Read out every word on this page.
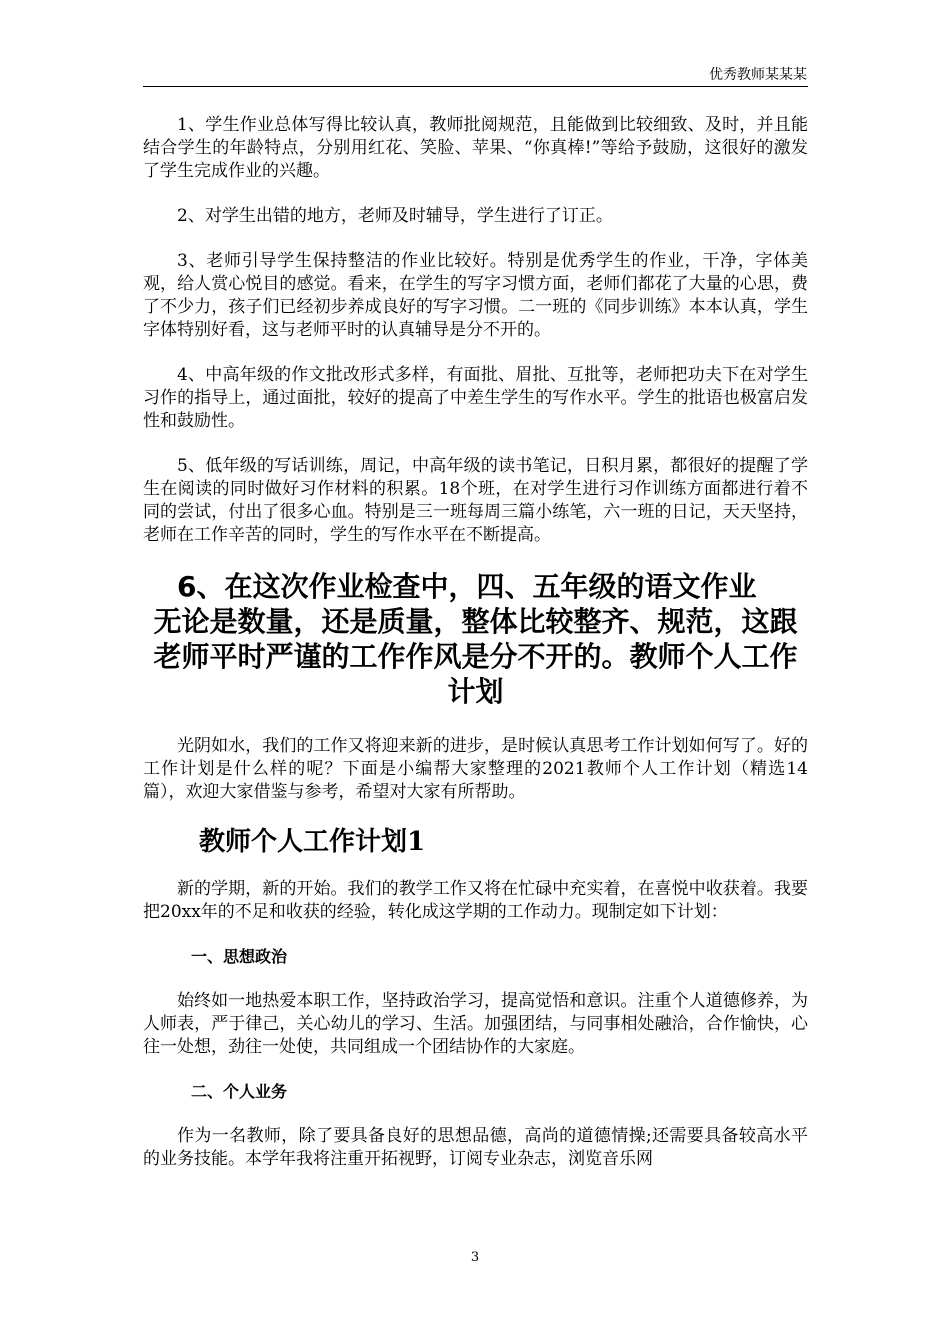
优秀教师某某某

1、学生作业总体写得比较认真，教师批阅规范，且能做到比较细致、及时，并且能结合学生的年龄特点，分别用红花、笑脸、苹果、“你真棒!”等给予鼓励，这很好的激发了学生完成作业的兴趣。

2、对学生出错的地方，老师及时辅导，学生进行了订正。

3、老师引导学生保持整洁的作业比较好。特别是优秀学生的作业，干净，字体美观，给人赏心悦目的感觉。看来，在学生的写字习惯方面，老师们都花了大量的心思，费了不少力，孩子们已经初步养成良好的写字习惯。二一班的《同步训练》本本认真，学生字体特别好看，这与老师平时的认真辅导是分不开的。

4、中高年级的作文批改形式多样，有面批、眉批、互批等，老师把功夫下在对学生习作的指导上，通过面批，较好的提高了中差生学生的写作水平。学生的批语也极富启发性和鼓励性。

5、低年级的写话训练，周记，中高年级的读书笔记，日积月累，都很好的提醒了学生在阅读的同时做好习作材料的积累。18个班，在对学生进行习作训练方面都进行着不同的尝试，付出了很多心血。特别是三一班每周三篇小练笔，六一班的日记，天天坚持，老师在工作辛苦的同时，学生的写作水平在不断提高。

6、在这次作业检查中，四、五年级的语文作业
无论是数量，还是质量，整体比较整齐、规范，这跟老师平时严谨的工作作风是分不开的。教师个人工作计划

光阴如水，我们的工作又将迎来新的进步，是时候认真思考工作计划如何写了。好的工作计划是什么样的呢？下面是小编帮大家整理的2021教师个人工作计划（精选14篇），欢迎大家借鉴与参考，希望对大家有所帮助。

教师个人工作计划1

新的学期，新的开始。我们的教学工作又将在忙碌中充实着，在喜悦中收获着。我要把20xx年的不足和收获的经验，转化成这学期的工作动力。现制定如下计划：

一、思想政治

始终如一地热爱本职工作，坚持政治学习，提高觉悟和意识。注重个人道德修养，为人师表，严于律己，关心幼儿的学习、生活。加强团结，与同事相处融洽，合作愉快，心往一处想，劲往一处使，共同组成一个团结协作的大家庭。

二、个人业务

作为一名教师，除了要具备良好的思想品德，高尚的道德情操;还需要具备较高水平的业务技能。本学年我将注重开拓视野，订阅专业杂志，浏览音乐网

3
